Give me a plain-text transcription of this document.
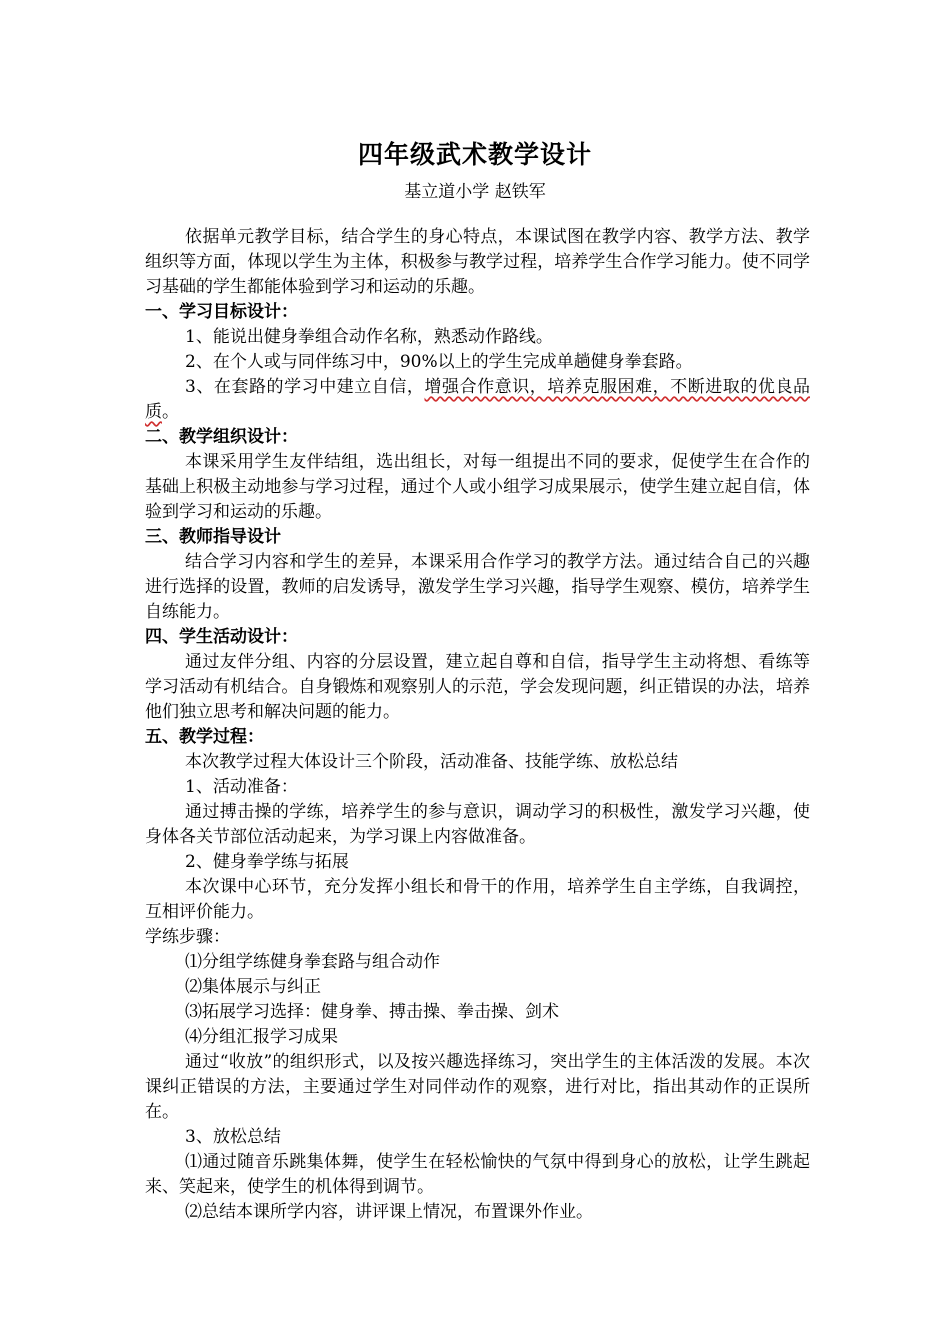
四年级武术教学设计
基立道小学 赵铁军

依据单元教学目标，结合学生的身心特点，本课试图在教学内容、教学方法、教学组织等方面，体现以学生为主体，积极参与教学过程，培养学生合作学习能力。使不同学习基础的学生都能体验到学习和运动的乐趣。

一、学习目标设计：

1、能说出健身拳组合动作名称，熟悉动作路线。

2、在个人或与同伴练习中，90%以上的学生完成单趟健身拳套路。

3、在套路的学习中建立自信，增强合作意识，培养克服困难，不断进取的优良品质。

二、教学组织设计：

本课采用学生友伴结组，选出组长，对每一组提出不同的要求，促使学生在合作的基础上积极主动地参与学习过程，通过个人或小组学习成果展示，使学生建立起自信，体验到学习和运动的乐趣。

三、教师指导设计

结合学习内容和学生的差异，本课采用合作学习的教学方法。通过结合自己的兴趣进行选择的设置，教师的启发诱导，激发学生学习兴趣，指导学生观察、模仿，培养学生自练能力。

四、学生活动设计：

通过友伴分组、内容的分层设置，建立起自尊和自信，指导学生主动将想、看练等学习活动有机结合。自身锻炼和观察别人的示范，学会发现问题，纠正错误的办法，培养他们独立思考和解决问题的能力。

五、教学过程：

本次教学过程大体设计三个阶段，活动准备、技能学练、放松总结

1、活动准备：

通过搏击操的学练，培养学生的参与意识，调动学习的积极性，激发学习兴趣，使身体各关节部位活动起来，为学习课上内容做准备。

2、健身拳学练与拓展

本次课中心环节，充分发挥小组长和骨干的作用，培养学生自主学练，自我调控，互相评价能力。

学练步骤：

⑴分组学练健身拳套路与组合动作

⑵集体展示与纠正

⑶拓展学习选择：健身拳、搏击操、拳击操、剑术

⑷分组汇报学习成果

通过“收放”的组织形式，以及按兴趣选择练习，突出学生的主体活泼的发展。本次课纠正错误的方法，主要通过学生对同伴动作的观察，进行对比，指出其动作的正误所在。

3、放松总结

⑴通过随音乐跳集体舞，使学生在轻松愉快的气氛中得到身心的放松，让学生跳起来、笑起来，使学生的机体得到调节。

⑵总结本课所学内容，讲评课上情况，布置课外作业。
